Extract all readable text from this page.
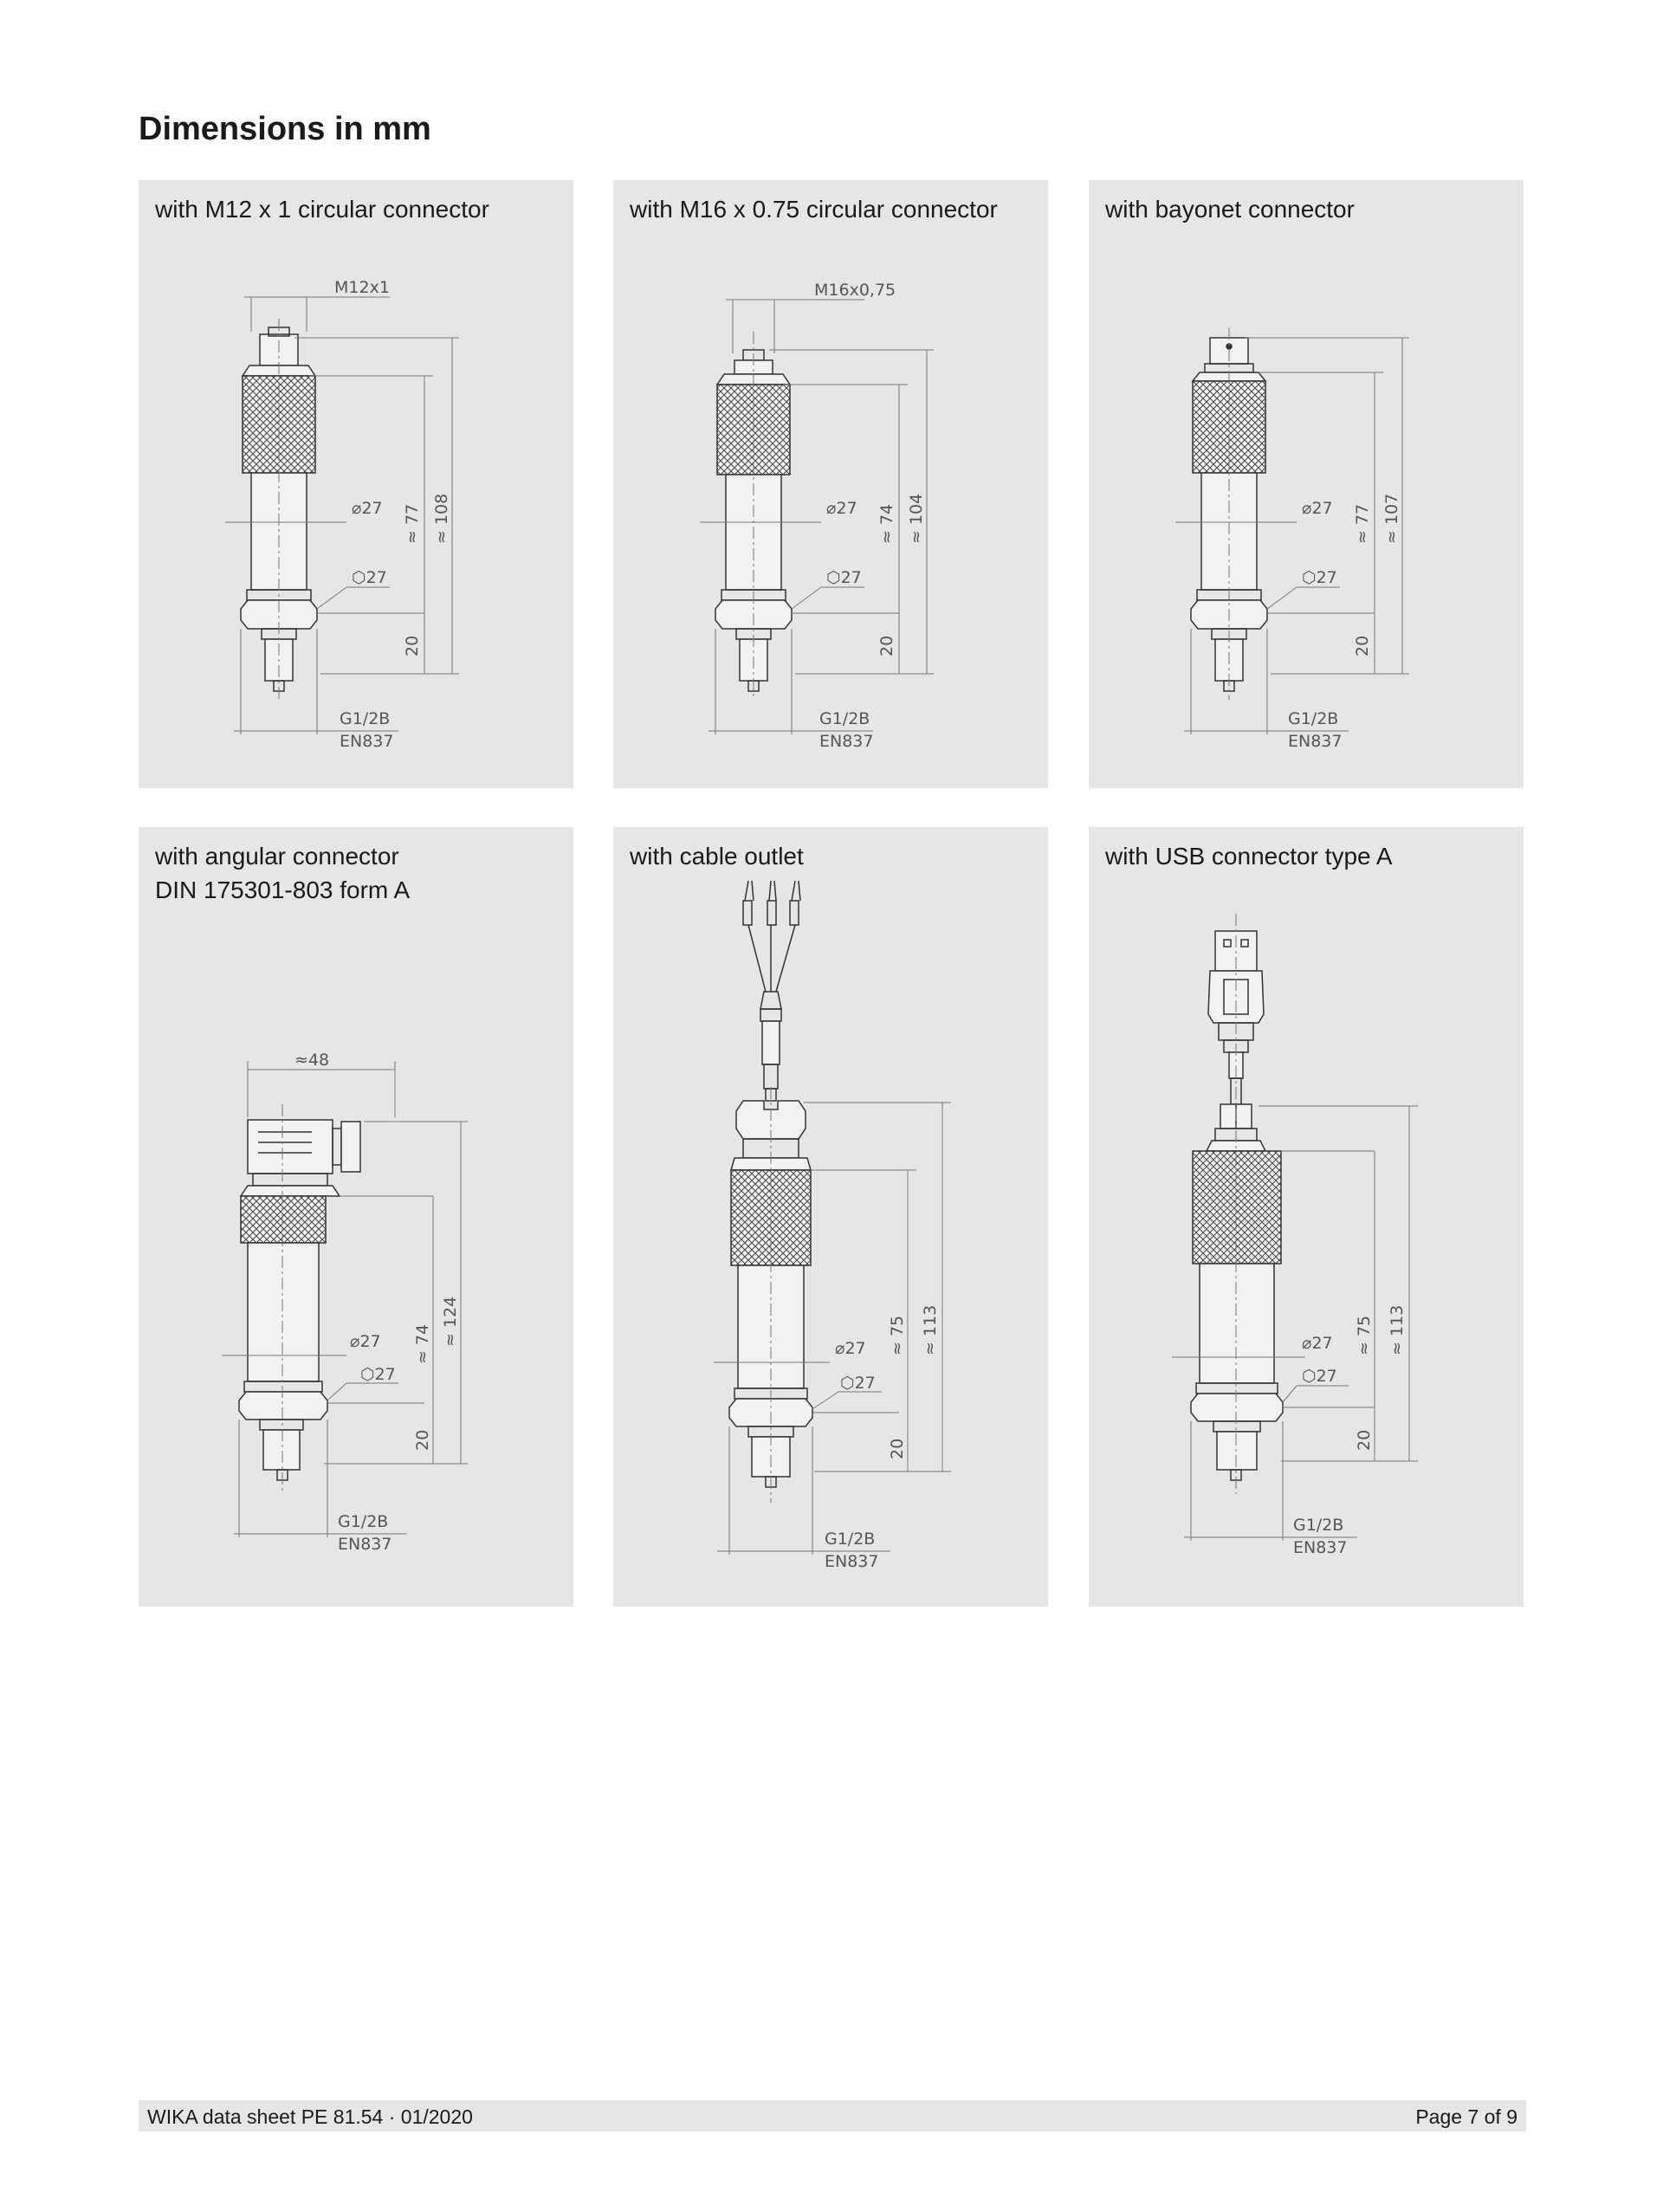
Dimensions in mm
with M12 x 1 circular connector
M12x1
⌀27
⬡27
≈ 77 ≈ 108
20
G1/2B
EN837
with M16 x 0.75 circular connector
M16x0,75
⌀27
⬡27
≈ 74 ≈ 104
20
G1/2B
EN837
with bayonet connector
⌀27
⬡27
≈ 77 ≈ 107
20
G1/2B
EN837
with angular connector
DIN 175301-803 form A
≈48
⌀27
⬡27
≈ 74 ≈ 124
20
G1/2B
EN837
with cable outlet
⌀27
⬡27
≈ 75 ≈ 113
20
G1/2B
EN837
with USB connector type A
⌀27
⬡27
≈ 75 ≈ 113
20
G1/2B
EN837
WIKA data sheet PE 81.54 · 01/2020	Page 7 of 9
